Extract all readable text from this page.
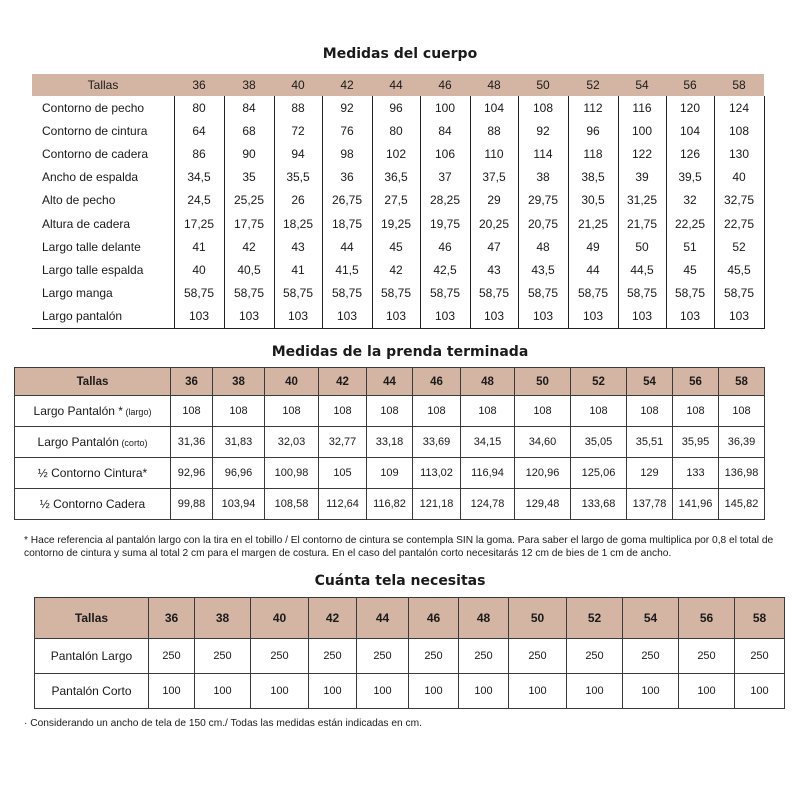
Medidas del cuerpo
Tallas	36	38	40	42	44	46	48	50	52	54	56	58
Contorno de pecho	80	84	88	92	96	100	104	108	112	116	120	124
Contorno de cintura	64	68	72	76	80	84	88	92	96	100	104	108
Contorno de cadera	86	90	94	98	102	106	110	114	118	122	126	130
Ancho de espalda	34,5	35	35,5	36	36,5	37	37,5	38	38,5	39	39,5	40
Alto de pecho	24,5	25,25	26	26,75	27,5	28,25	29	29,75	30,5	31,25	32	32,75
Altura de cadera	17,25	17,75	18,25	18,75	19,25	19,75	20,25	20,75	21,25	21,75	22,25	22,75
Largo talle delante	41	42	43	44	45	46	47	48	49	50	51	52
Largo talle espalda	40	40,5	41	41,5	42	42,5	43	43,5	44	44,5	45	45,5
Largo manga	58,75	58,75	58,75	58,75	58,75	58,75	58,75	58,75	58,75	58,75	58,75	58,75
Largo pantalón	103	103	103	103	103	103	103	103	103	103	103	103
Medidas de la prenda terminada
Tallas	36	38	40	42	44	46	48	50	52	54	56	58
Largo Pantalón * (largo)	108	108	108	108	108	108	108	108	108	108	108	108
Largo Pantalón (corto)	31,36	31,83	32,03	32,77	33,18	33,69	34,15	34,60	35,05	35,51	35,95	36,39
½ Contorno Cintura*	92,96	96,96	100,98	105	109	113,02	116,94	120,96	125,06	129	133	136,98
½ Contorno Cadera	99,88	103,94	108,58	112,64	116,82	121,18	124,78	129,48	133,68	137,78	141,96	145,82
* Hace referencia al pantalón largo con la tira en el tobillo / El contorno de cintura se contempla SIN la goma. Para saber el largo de goma multiplica por 0,8 el total de contorno de cintura y suma al total 2 cm para el margen de costura. En el caso del pantalón corto necesitarás 12 cm de bies de 1 cm de ancho.
Cuánta tela necesitas
Tallas	36	38	40	42	44	46	48	50	52	54	56	58
Pantalón Largo	250	250	250	250	250	250	250	250	250	250	250	250
Pantalón Corto	100	100	100	100	100	100	100	100	100	100	100	100
· Considerando un ancho de tela de 150 cm./ Todas las medidas están indicadas en cm.
